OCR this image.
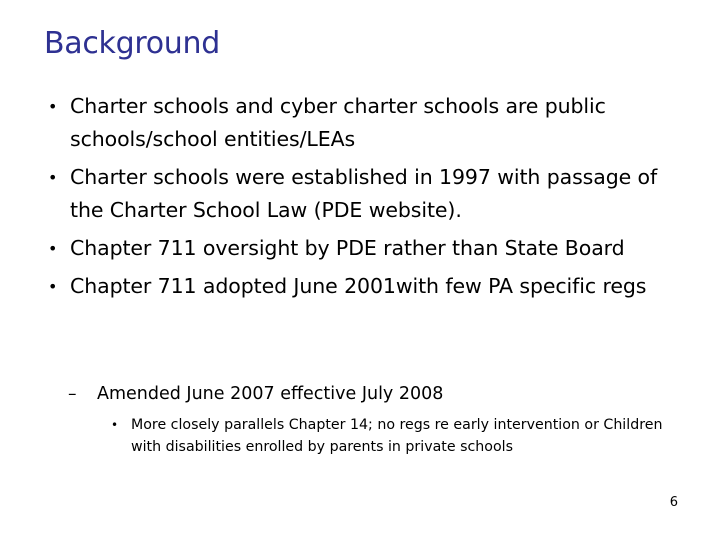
Background
• Charter schools and cyber charter schools are public schools/school entities/LEAs
• Charter schools were established in 1997 with passage of the Charter School Law (PDE website).
• Chapter 711 oversight by PDE rather than State Board
• Chapter 711 adopted June 2001with few PA specific regs
– Amended June 2007 effective July 2008
• More closely parallels Chapter 14; no regs re early intervention or Children with disabilities enrolled by parents in private schools
6
